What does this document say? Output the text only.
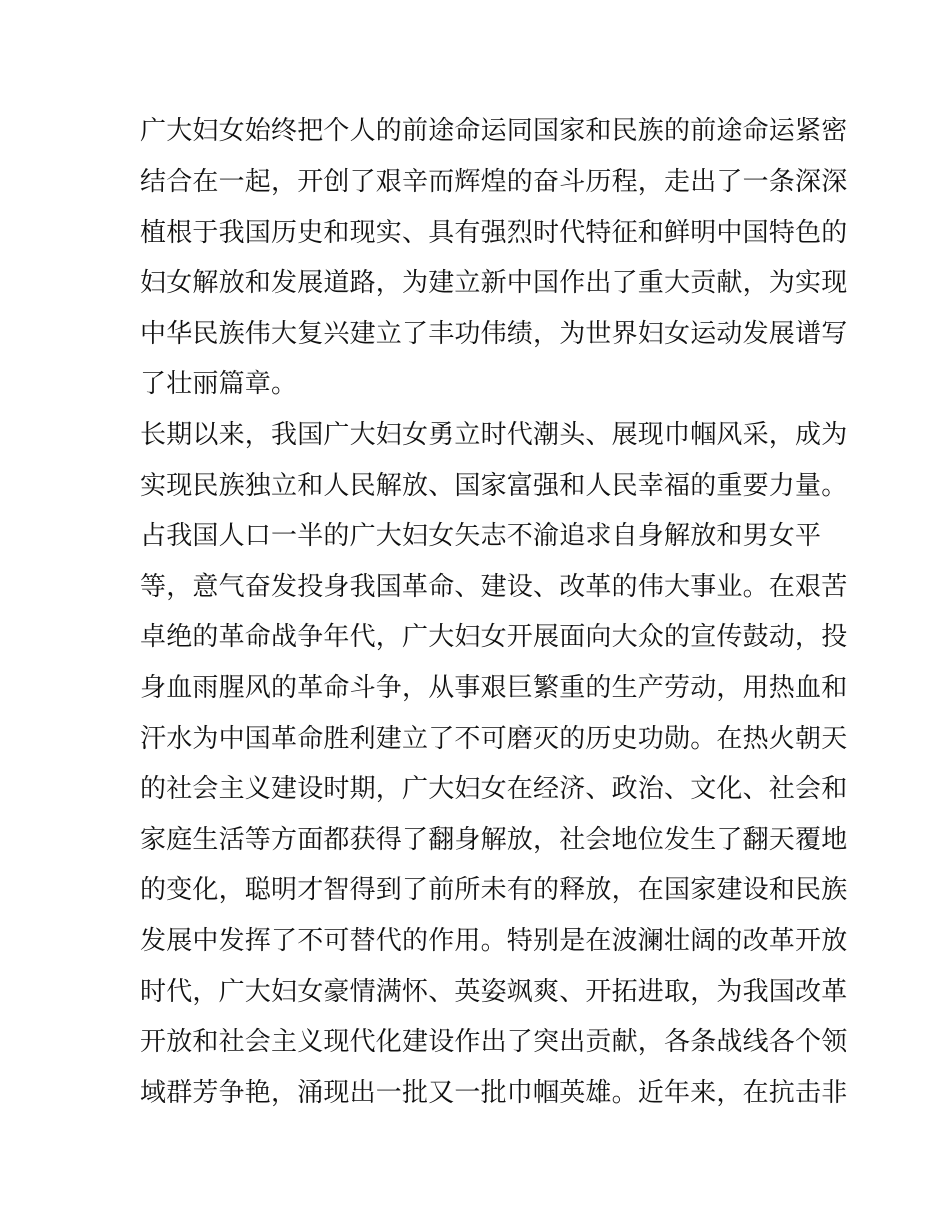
广大妇女始终把个人的前途命运同国家和民族的前途命运紧密
结合在一起，开创了艰辛而辉煌的奋斗历程，走出了一条深深
植根于我国历史和现实、具有强烈时代特征和鲜明中国特色的
妇女解放和发展道路，为建立新中国作出了重大贡献，为实现
中华民族伟大复兴建立了丰功伟绩，为世界妇女运动发展谱写
了壮丽篇章。
长期以来，我国广大妇女勇立时代潮头、展现巾帼风采，成为
实现民族独立和人民解放、国家富强和人民幸福的重要力量。
占我国人口一半的广大妇女矢志不渝追求自身解放和男女平
等，意气奋发投身我国革命、建设、改革的伟大事业。在艰苦
卓绝的革命战争年代，广大妇女开展面向大众的宣传鼓动，投
身血雨腥风的革命斗争，从事艰巨繁重的生产劳动，用热血和
汗水为中国革命胜利建立了不可磨灭的历史功勋。在热火朝天
的社会主义建设时期，广大妇女在经济、政治、文化、社会和
家庭生活等方面都获得了翻身解放，社会地位发生了翻天覆地
的变化，聪明才智得到了前所未有的释放，在国家建设和民族
发展中发挥了不可替代的作用。特别是在波澜壮阔的改革开放
时代，广大妇女豪情满怀、英姿飒爽、开拓进取，为我国改革
开放和社会主义现代化建设作出了突出贡献，各条战线各个领
域群芳争艳，涌现出一批又一批巾帼英雄。近年来，在抗击非
